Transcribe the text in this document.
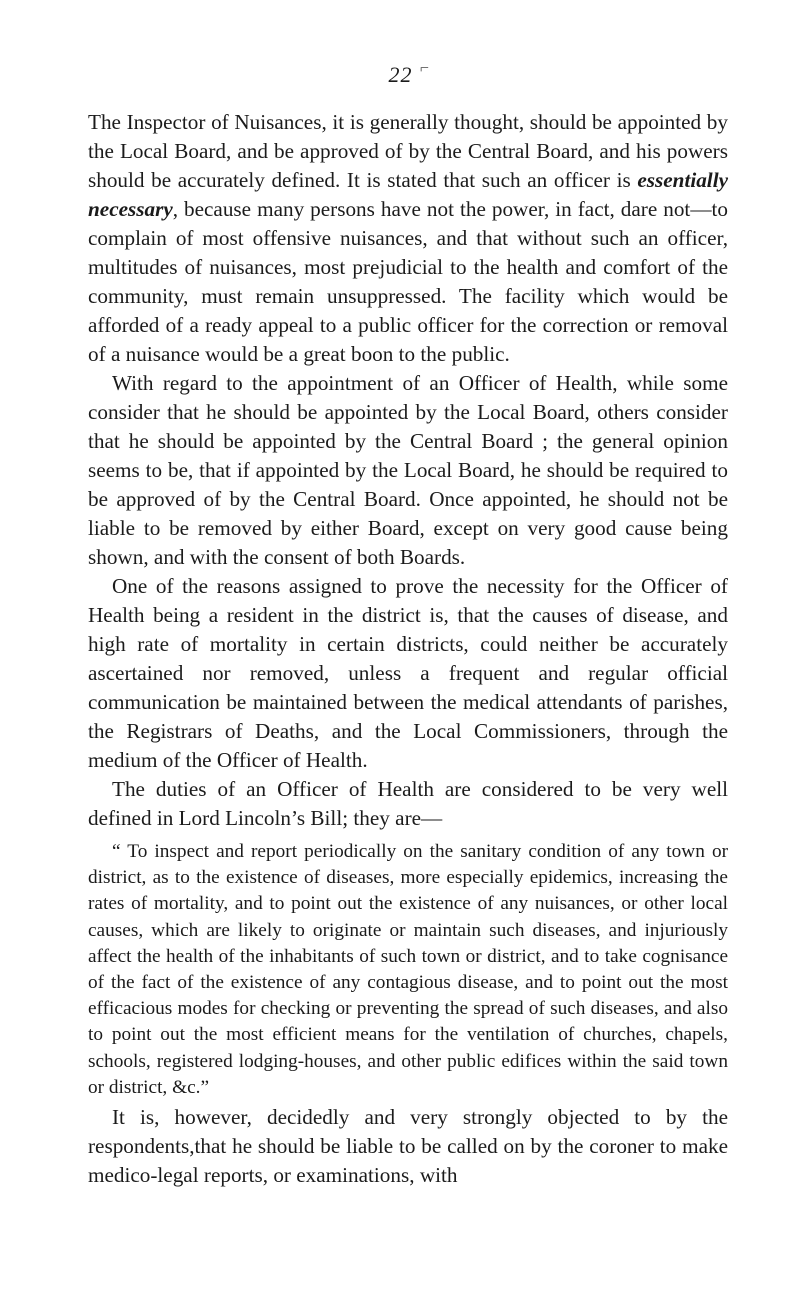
22 ⌐

The Inspector of Nuisances, it is generally thought, should be appointed by the Local Board, and be approved of by the Central Board, and his powers should be accurately defined. It is stated that such an officer is essentially necessary, because many persons have not the power, in fact, dare not—to complain of most offensive nuisances, and that without such an officer, multitudes of nuisances, most prejudicial to the health and comfort of the community, must remain unsuppressed. The facility which would be afforded of a ready appeal to a public officer for the correction or removal of a nuisance would be a great boon to the public.

With regard to the appointment of an Officer of Health, while some consider that he should be appointed by the Local Board, others consider that he should be appointed by the Central Board ; the general opinion seems to be, that if appointed by the Local Board, he should be required to be approved of by the Central Board. Once appointed, he should not be liable to be removed by either Board, except on very good cause being shown, and with the consent of both Boards.

One of the reasons assigned to prove the necessity for the Officer of Health being a resident in the district is, that the causes of disease, and high rate of mortality in certain districts, could neither be accurately ascertained nor removed, unless a frequent and regular official communication be maintained between the medical attendants of parishes, the Registrars of Deaths, and the Local Commissioners, through the medium of the Officer of Health.

The duties of an Officer of Health are considered to be very well defined in Lord Lincoln’s Bill; they are—

“ To inspect and report periodically on the sanitary condition of any town or district, as to the existence of diseases, more especially epidemics, increasing the rates of mortality, and to point out the existence of any nuisances, or other local causes, which are likely to originate or maintain such diseases, and injuriously affect the health of the inhabitants of such town or district, and to take cognisance of the fact of the existence of any contagious disease, and to point out the most efficacious modes for checking or preventing the spread of such diseases, and also to point out the most efficient means for the ventilation of churches, chapels, schools, registered lodging-houses, and other public edifices within the said town or district, &c.”

It is, however, decidedly and very strongly objected to by the respondents,that he should be liable to be called on by the coroner to make medico-legal reports, or examinations, with
